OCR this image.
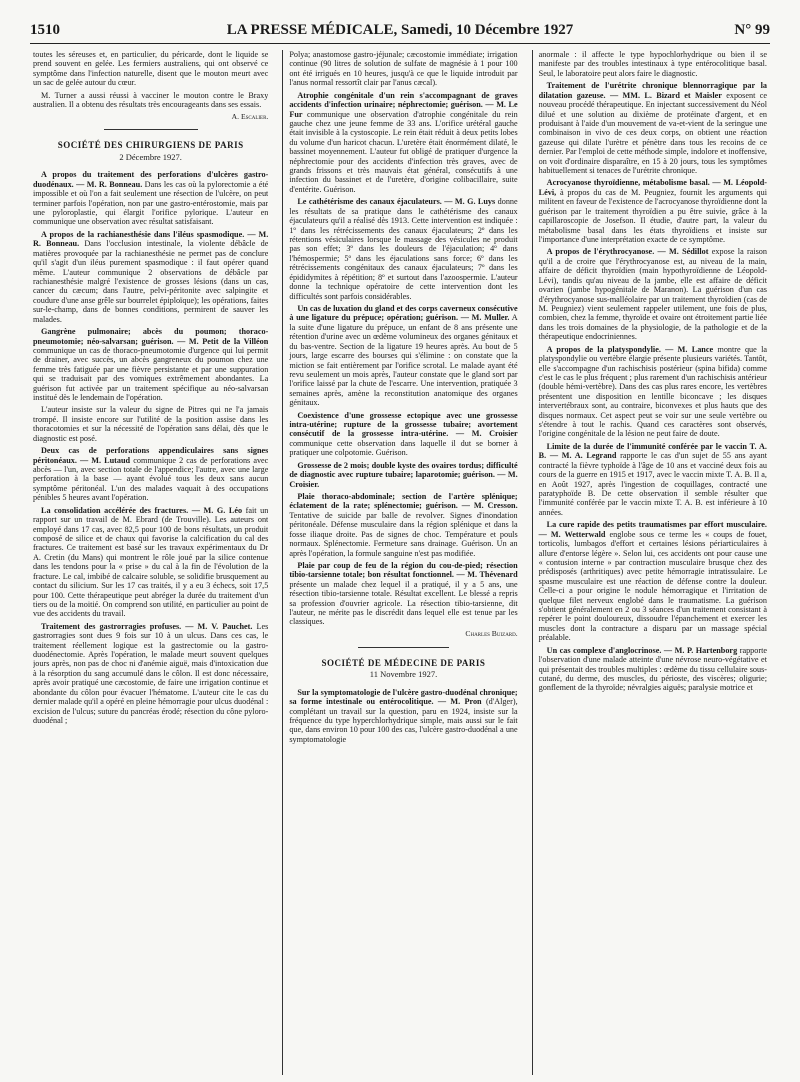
1510	LA PRESSE MÉDICALE, Samedi, 10 Décembre 1927	N° 99

toutes les séreuses et, en particulier, du péricarde, dont le liquide se prend souvent en gelée. Les fermiers australiens, qui ont observé ce symptôme dans l'infection naturelle, disent que le mouton meurt avec un sac de gelée autour du cœur.

M. Turner a aussi réussi à vacciner le mouton contre le Braxy australien. Il a obtenu des résultats très encourageants dans ses essais.

A. Escalier.
SOCIÉTÉ DES CHIRURGIENS DE PARIS
2 Décembre 1927.

A propos du traitement des perforations d'ulcères gastro-duodénaux. — M. R. Bonneau. Dans les cas où la pylorectomie a été impossible et où l'on a fait seulement une résection de l'ulcère, on peut terminer parfois l'opération, non par une gastro-entérostomie, mais par une pyloroplastie, qui élargit l'orifice pylorique. L'auteur en communique une observation avec résultat satisfaisant.

A propos de la rachianesthésie dans l'iléus spasmodique. — M. R. Bonneau. Dans l'occlusion intestinale, la violente débâcle de matières provoquée par la rachianesthésie ne permet pas de conclure qu'il s'agit d'un iléus purement spasmodique : il faut opérer quand même. L'auteur communique 2 observations de débâcle par rachianesthésie malgré l'existence de grosses lésions (dans un cas, cancer du cæcum; dans l'autre, pelvi-péritonite avec salpingite et coudure d'une anse grêle sur bourrelet épiploïque); les opérations, faites sur-le-champ, dans de bonnes conditions, permirent de sauver les malades.

Gangrène pulmonaire; abcès du poumon; thoraco-pneumotomie; néo-salvarsan; guérison. — M. Petit de la Villéon communique un cas de thoraco-pneumotomie d'urgence qui lui permit de drainer, avec succès, un abcès gangreneux du poumon chez une femme très fatiguée par une fièvre persistante et par une suppuration qui se traduisait par des vomiques extrêmement abondantes. La guérison fut activée par un traitement spécifique au néo-salvarsan institué dès le lendemain de l'opération.

L'auteur insiste sur la valeur du signe de Pitres qui ne l'a jamais trompé. Il insiste encore sur l'utilité de la position assise dans les thoracotomies et sur la nécessité de l'opération sans délai, dès que le diagnostic est posé.

Deux cas de perforations appendiculaires sans signes péritonéaux. — M. Lutaud communique 2 cas de perforations avec abcès — l'un, avec section totale de l'appendice; l'autre, avec une large perforation à la base — ayant évolué tous les deux sans aucun symptôme péritonéal. L'un des malades vaquait à des occupations pénibles 5 heures avant l'opération.

La consolidation accélérée des fractures. — M. G. Léo fait un rapport sur un travail de M. Ebrard (de Trouville). Les auteurs ont employé dans 17 cas, avec 82,5 pour 100 de bons résultats, un produit composé de silice et de chaux qui favorise la calcification du cal des fractures. Ce traitement est basé sur les travaux expérimentaux du Dr A. Cretin (du Mans) qui montrent le rôle joué par la silice contenue dans les tendons pour la « prise » du cal à la fin de l'évolution de la fracture. Le cal, imbibé de calcaire soluble, se solidifie brusquement au contact du silicium. Sur les 17 cas traités, il y a eu 3 échecs, soit 17,5 pour 100. Cette thérapeutique peut abréger la durée du traitement d'un tiers ou de la moitié. On comprend son utilité, en particulier au point de vue des accidents du travail.

Traitement des gastrorragies profuses. — M. V. Pauchet. Les gastrorragies sont dues 9 fois sur 10 à un ulcus. Dans ces cas, le traitement réellement logique est la gastrectomie ou la gastro-duodénectomie. Après l'opération, le malade meurt souvent quelques jours après, non pas de choc ni d'anémie aiguë, mais d'intoxication due à la résorption du sang accumulé dans le côlon. Il est donc nécessaire, après avoir pratiqué une cæcostomie, de faire une irrigation continue et abondante du côlon pour évacuer l'hématome. L'auteur cite le cas du dernier malade qu'il a opéré en pleine hémorragie pour ulcus duodénal : excision de l'ulcus; suture du pancréas érodé; résection du cône pyloro-duodénal ;

Polya; anastomose gastro-jéjunale; cæcostomie immédiate; irrigation continue (90 litres de solution de sulfate de magnésie à 1 pour 100 ont été irrigués en 10 heures, jusqu'à ce que le liquide introduit par l'anus normal ressortît clair par l'anus cæcal).

Atrophie congénitale d'un rein s'accompagnant de graves accidents d'infection urinaire; néphrectomie; guérison. — M. Le Fur communique une observation d'atrophie congénitale du rein gauche chez une jeune femme de 33 ans. L'orifice urétéral gauche était invisible à la cystoscopie. Le rein était réduit à deux petits lobes du volume d'un haricot chacun. L'uretère était énormément dilaté, le bassinet moyennement. L'auteur fut obligé de pratiquer d'urgence la néphrectomie pour des accidents d'infection très graves, avec de grands frissons et très mauvais état général, consécutifs à une infection du bassinet et de l'uretère, d'origine colibacillaire, suite d'entérite. Guérison.

Le cathétérisme des canaux éjaculateurs. — M. G. Luys donne les résultats de sa pratique dans le cathétérisme des canaux éjaculateurs qu'il a réalisé dès 1913. Cette intervention est indiquée : 1º dans les rétrécissements des canaux éjaculateurs; 2º dans les rétentions vésiculaires lorsque le massage des vésicules ne produit pas son effet; 3º dans les douleurs de l'éjaculation; 4º dans l'hémospermie; 5º dans les éjaculations sans force; 6º dans les rétrécissements congénitaux des canaux éjaculateurs; 7º dans les épididymites à répétition; 8º et surtout dans l'azoospermie. L'auteur donne la technique opératoire de cette intervention dont les difficultés sont parfois considérables.

Un cas de luxation du gland et des corps caverneux consécutive à une ligature du prépuce; opération; guérison. — M. Muller. A la suite d'une ligature du prépuce, un enfant de 8 ans présente une rétention d'urine avec un œdème volumineux des organes génitaux et du bas-ventre. Section de la ligature 19 heures après. Au bout de 5 jours, large escarre des bourses qui s'élimine : on constate que la miction se fait entièrement par l'orifice scrotal. Le malade ayant été revu seulement un mois après, l'auteur constate que le gland sort par l'orifice laissé par la chute de l'escarre. Une intervention, pratiquée 3 semaines après, amène la reconstitution anatomique des organes génitaux.

Coexistence d'une grossesse ectopique avec une grossesse intra-utérine; rupture de la grossesse tubaire; avortement consécutif de la grossesse intra-utérine. — M. Croisier communique cette observation dans laquelle il dut se borner à pratiquer une colpotomie. Guérison.

Grossesse de 2 mois; double kyste des ovaires tordus; difficulté de diagnostic avec rupture tubaire; laparotomie; guérison. — M. Croisier.

Plaie thoraco-abdominale; section de l'artère splénique; éclatement de la rate; splénectomie; guérison. — M. Cresson. Tentative de suicide par balle de revolver. Signes d'inondation péritonéale. Défense musculaire dans la région splénique et dans la fosse iliaque droite. Pas de signes de choc. Température et pouls normaux. Splénectomie. Fermeture sans drainage. Guérison. Un an après l'opération, la formule sanguine n'est pas modifiée.

Plaie par coup de feu de la région du cou-de-pied; résection tibio-tarsienne totale; bon résultat fonctionnel. — M. Thévenard présente un malade chez lequel il a pratiqué, il y a 5 ans, une résection tibio-tarsienne totale. Résultat excellent. Le blessé a repris sa profession d'ouvrier agricole. La résection tibio-tarsienne, dit l'auteur, ne mérite pas le discrédit dans lequel elle est tenue par les classiques.

Charles Buizard.
SOCIÉTÉ DE MÉDECINE DE PARIS
11 Novembre 1927.

Sur la symptomatologie de l'ulcère gastro-duodénal chronique; sa forme intestinale ou entérocolitique. — M. Pron (d'Alger), complétant un travail sur la question, paru en 1924, insiste sur la fréquence du type hyperchlorhydrique simple, mais aussi sur le fait que, dans environ 10 pour 100 des cas, l'ulcère gastro-duodénal a une symptomatologie

anormale : il affecte le type hypochlorhydrique ou bien il se manifeste par des troubles intestinaux à type entérocolitique basal. Seul, le laboratoire peut alors faire le diagnostic.

Traitement de l'urétrite chronique blennorragique par la dilatation gazeuse. — MM. L. Bizard et Maisler exposent ce nouveau procédé thérapeutique. En injectant successivement du Néol dilué et une solution au dixième de protéinate d'argent, et en produisant à l'aide d'un mouvement de va-et-vient de la seringue une combinaison in vivo de ces deux corps, on obtient une réaction gazeuse qui dilate l'urètre et pénètre dans tous les recoins de ce dernier. Par l'emploi de cette méthode simple, indolore et inoffensive, on voit d'ordinaire disparaître, en 15 à 20 jours, tous les symptômes habituellement si tenaces de l'urétrite chronique.

Acrocyanose thyroïdienne, métabolisme basal. — M. Léopold-Lévi, à propos du cas de M. Peugniez, fournit les arguments qui militent en faveur de l'existence de l'acrocyanose thyroïdienne dont la guérison par le traitement thyroïdien a pu être suivie, grâce à la capillaroscopie de Josefson. Il étudie, d'autre part, la valeur du métabolisme basal dans les états thyroïdiens et insiste sur l'importance d'une interprétation exacte de ce symptôme.

A propos de l'érythrocyanose. — M. Sédillot expose la raison qu'il a de croire que l'érythrocyanose est, au niveau de la main, affaire de déficit thyroïdien (main hypothyroïdienne de Léopold-Lévi), tandis qu'au niveau de la jambe, elle est affaire de déficit ovarien (jambe hypogénitale de Maranon). La guérison d'un cas d'érythrocyanose sus-malléolaire par un traitement thyroïdien (cas de M. Peugniez) vient seulement rappeler utilement, une fois de plus, combien, chez la femme, thyroïde et ovaire ont étroitement partie liée dans les trois domaines de la physiologie, de la pathologie et de la thérapeutique endocriniennes.

A propos de la platyspondylie. — M. Lance montre que la platyspondylie ou vertèbre élargie présente plusieurs variétés. Tantôt, elle s'accompagne d'un rachischisis postérieur (spina bifida) comme c'est le cas le plus fréquent ; plus rarement d'un rachischisis antérieur (double hémi-vertèbre). Dans des cas plus rares encore, les vertèbres présentent une disposition en lentille biconcave ; les disques intervertébraux sont, au contraire, biconvexes et plus hauts que des disques normaux. Cet aspect peut se voir sur une seule vertèbre ou s'étendre à tout le rachis. Quand ces caractères sont observés, l'origine congénitale de la lésion ne peut faire de doute.

Limite de la durée de l'immunité conférée par le vaccin T. A. B. — M. A. Legrand rapporte le cas d'un sujet de 55 ans ayant contracté la fièvre typhoïde à l'âge de 10 ans et vacciné deux fois au cours de la guerre en 1915 et 1917, avec le vaccin mixte T. A. B. Il a, en Août 1927, après l'ingestion de coquillages, contracté une paratyphoïde B. De cette observation il semble résulter que l'immunité conférée par le vaccin mixte T. A. B. est inférieure à 10 années.

La cure rapide des petits traumatismes par effort musculaire. — M. Wetterwald englobe sous ce terme les « coups de fouet, torticolis, lumbagos d'effort et certaines lésions périarticulaires à allure d'entorse légère ». Selon lui, ces accidents ont pour cause une « contusion interne » par contraction musculaire brusque chez des prédisposés (arthritiques) avec petite hémorragie intratissulaire. Le spasme musculaire est une réaction de défense contre la douleur. Celle-ci a pour origine le nodule hémorragique et l'irritation de quelque filet nerveux englobé dans le traumatisme. La guérison s'obtient généralement en 2 ou 3 séances d'un traitement consistant à repérer le point douloureux, dissoudre l'épanchement et exercer les muscles dont la contracture a disparu par un massage spécial préalable.

Un cas complexe d'anglocrinose. — M. P. Hartenborg rapporte l'observation d'une malade atteinte d'une névrose neuro-végétative et qui présentait des troubles multiples : œdème du tissu cellulaire sous-cutané, du derme, des muscles, du périoste, des viscères; oligurie; gonflement de la thyroïde; névralgies aiguës; paralysie motrice et
